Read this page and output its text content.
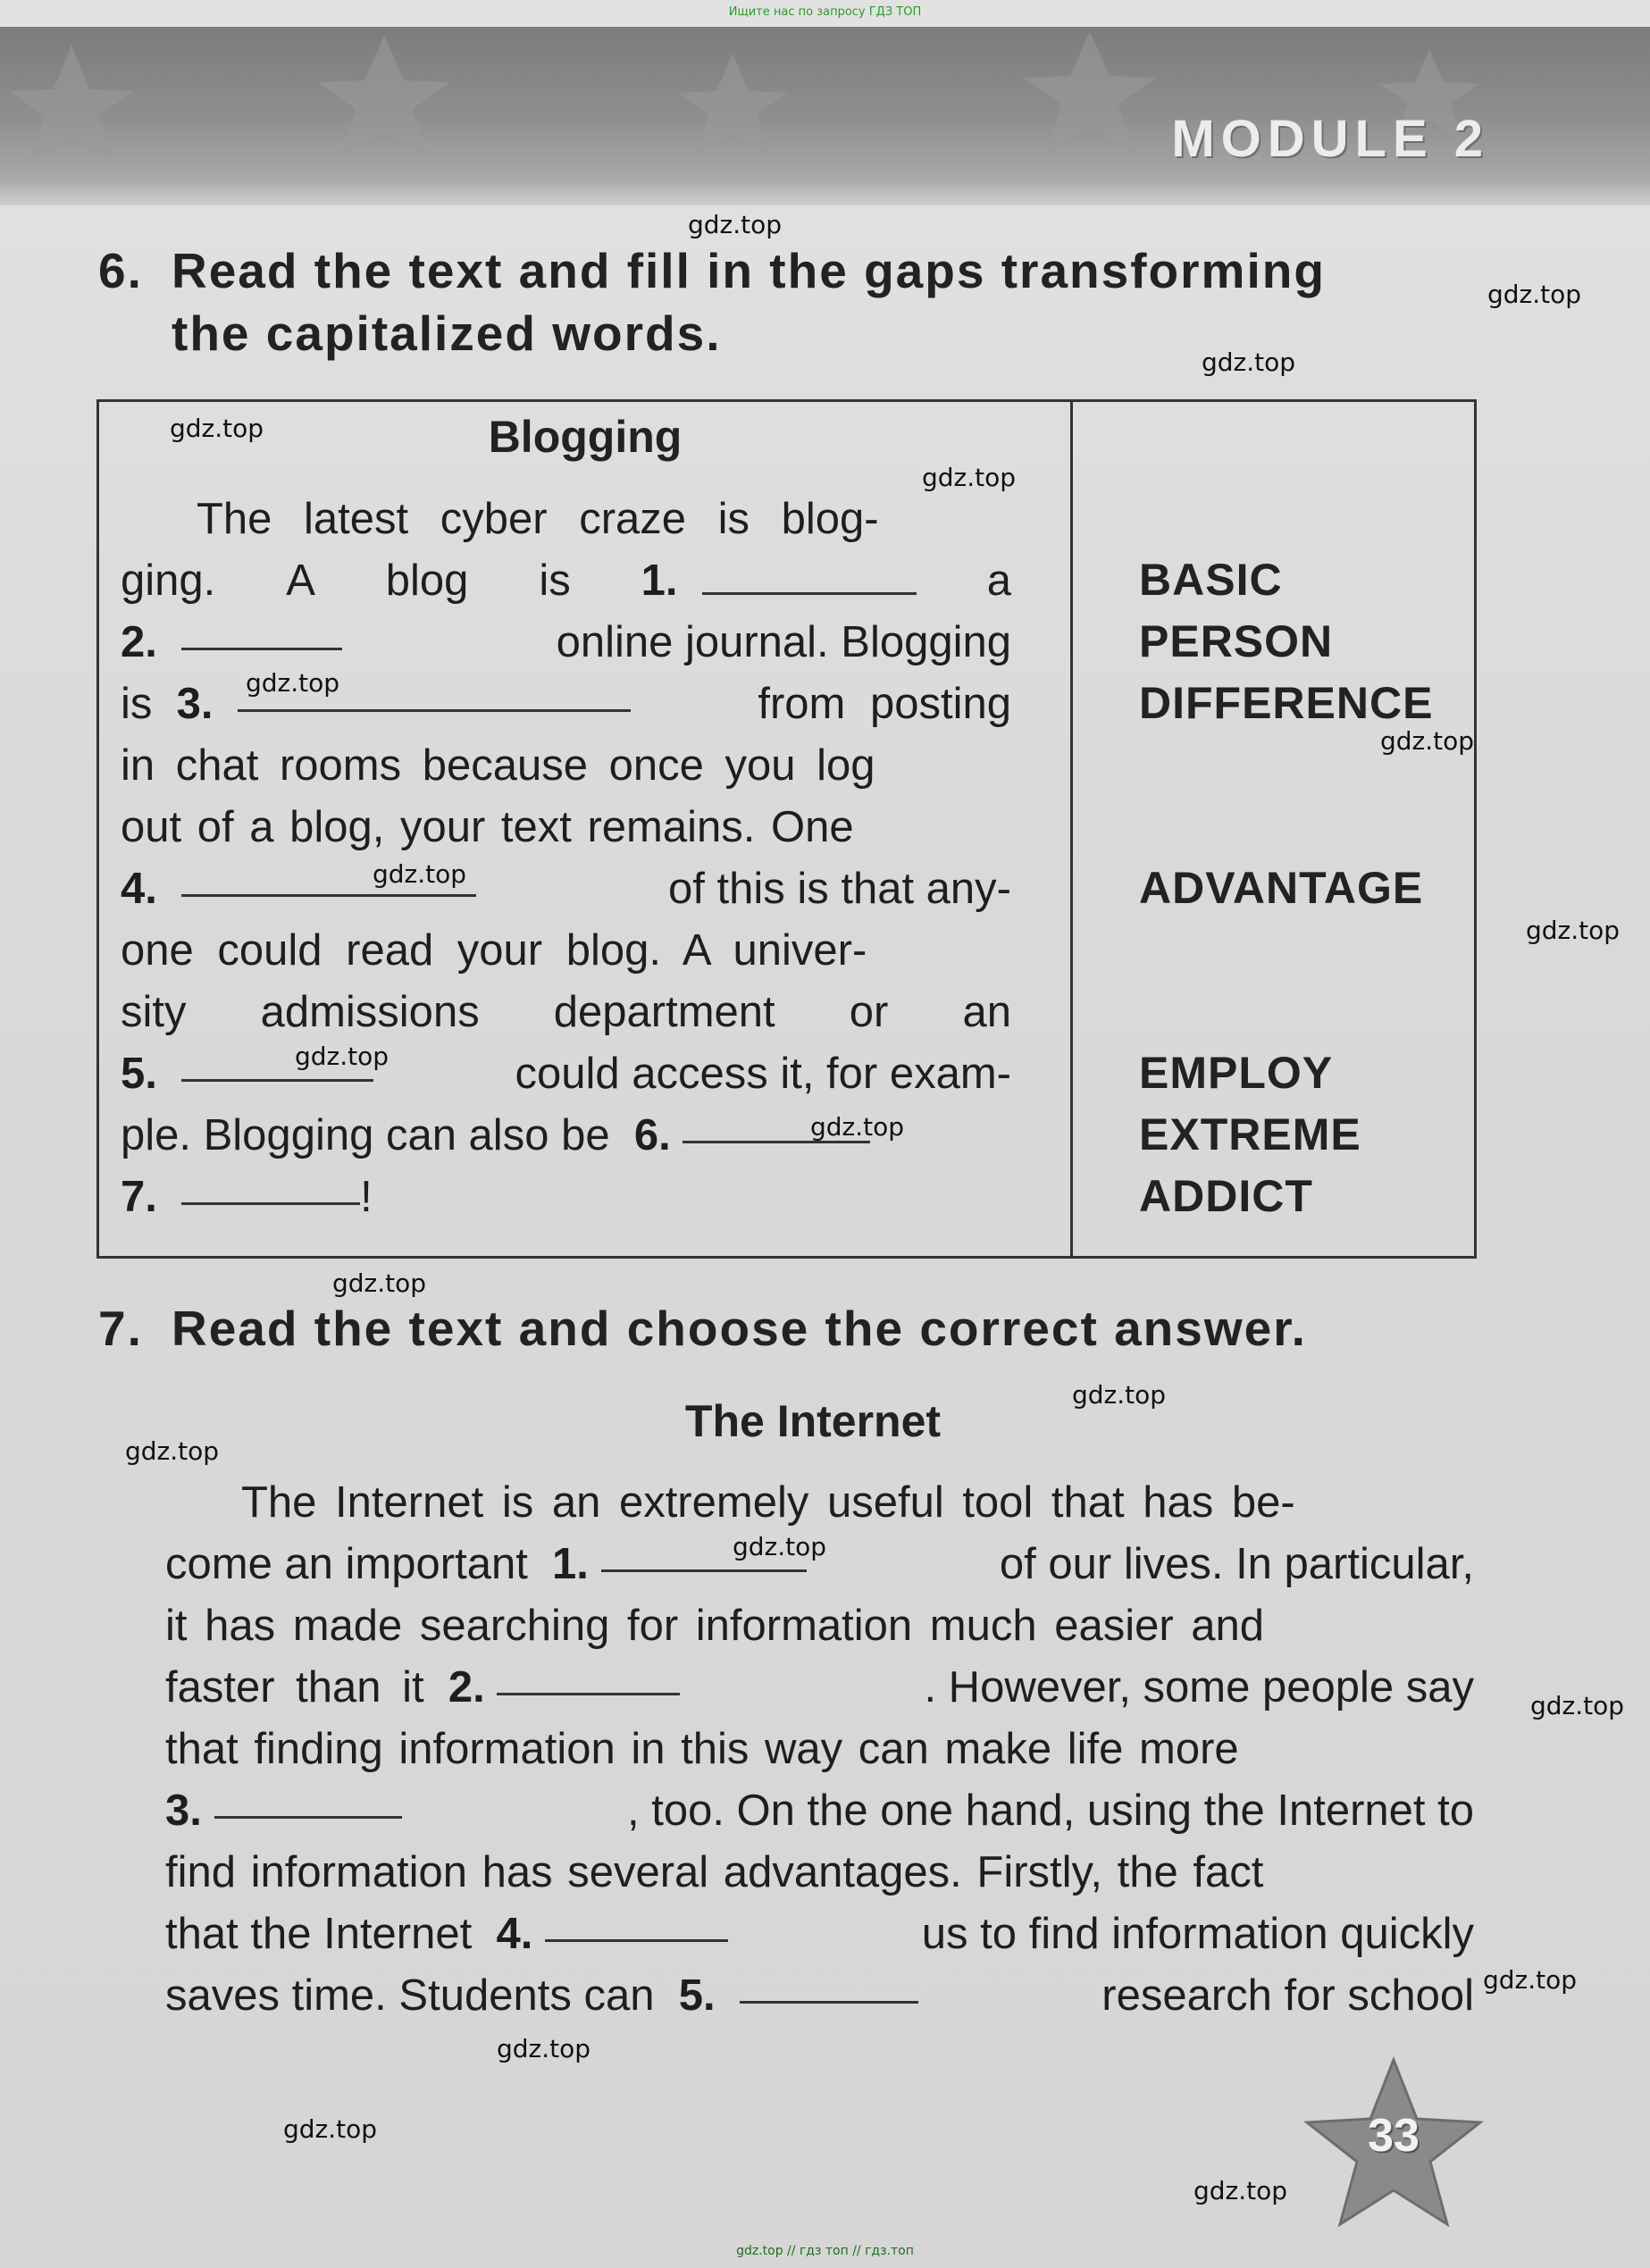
Ищите нас по запросу ГДЗ ТОП
MODULE 2
6. Read the text and fill in the gaps transforming
the capitalized words.
Blogging
The latest cyber craze is blog-
ging. A blog is 1.	a
2.

	online journal. Blogging
is
3.
	from posting
in chat rooms because once you log
out of a blog, your text remains. One
4.
	of this is that any-
one could read your blog. A univer-
sity admissions department or an
5.
	could access it, for exam-
ple. Blogging can also be
6.

7.
	!
BASIC
PERSON
DIFFERENCE
ADVANTAGE
EMPLOY
EXTREME
ADDICT
7. Read the text and choose the correct answer.
The Internet
The Internet is an extremely useful tool that has be-
come an important
1.
	of our lives. In particular,
it has made searching for information much easier and
faster than it
2.
	. However, some people say
that finding information in this way can make life more
3.
	, too. On the one hand, using the Internet to
find information has several advantages. Firstly, the fact
that the Internet
4.
	us to find information quickly
saves time. Students can
5.
	research for school
gdz.top
gdz.top
gdz.top
gdz.top
gdz.top
gdz.top
gdz.top
gdz.top
gdz.top
gdz.top
gdz.top
gdz.top
gdz.top
gdz.top
gdz.top
gdz.top
gdz.top
gdz.top
gdz.top
gdz.top
33
gdz.top // гдз топ // гдз.топ
